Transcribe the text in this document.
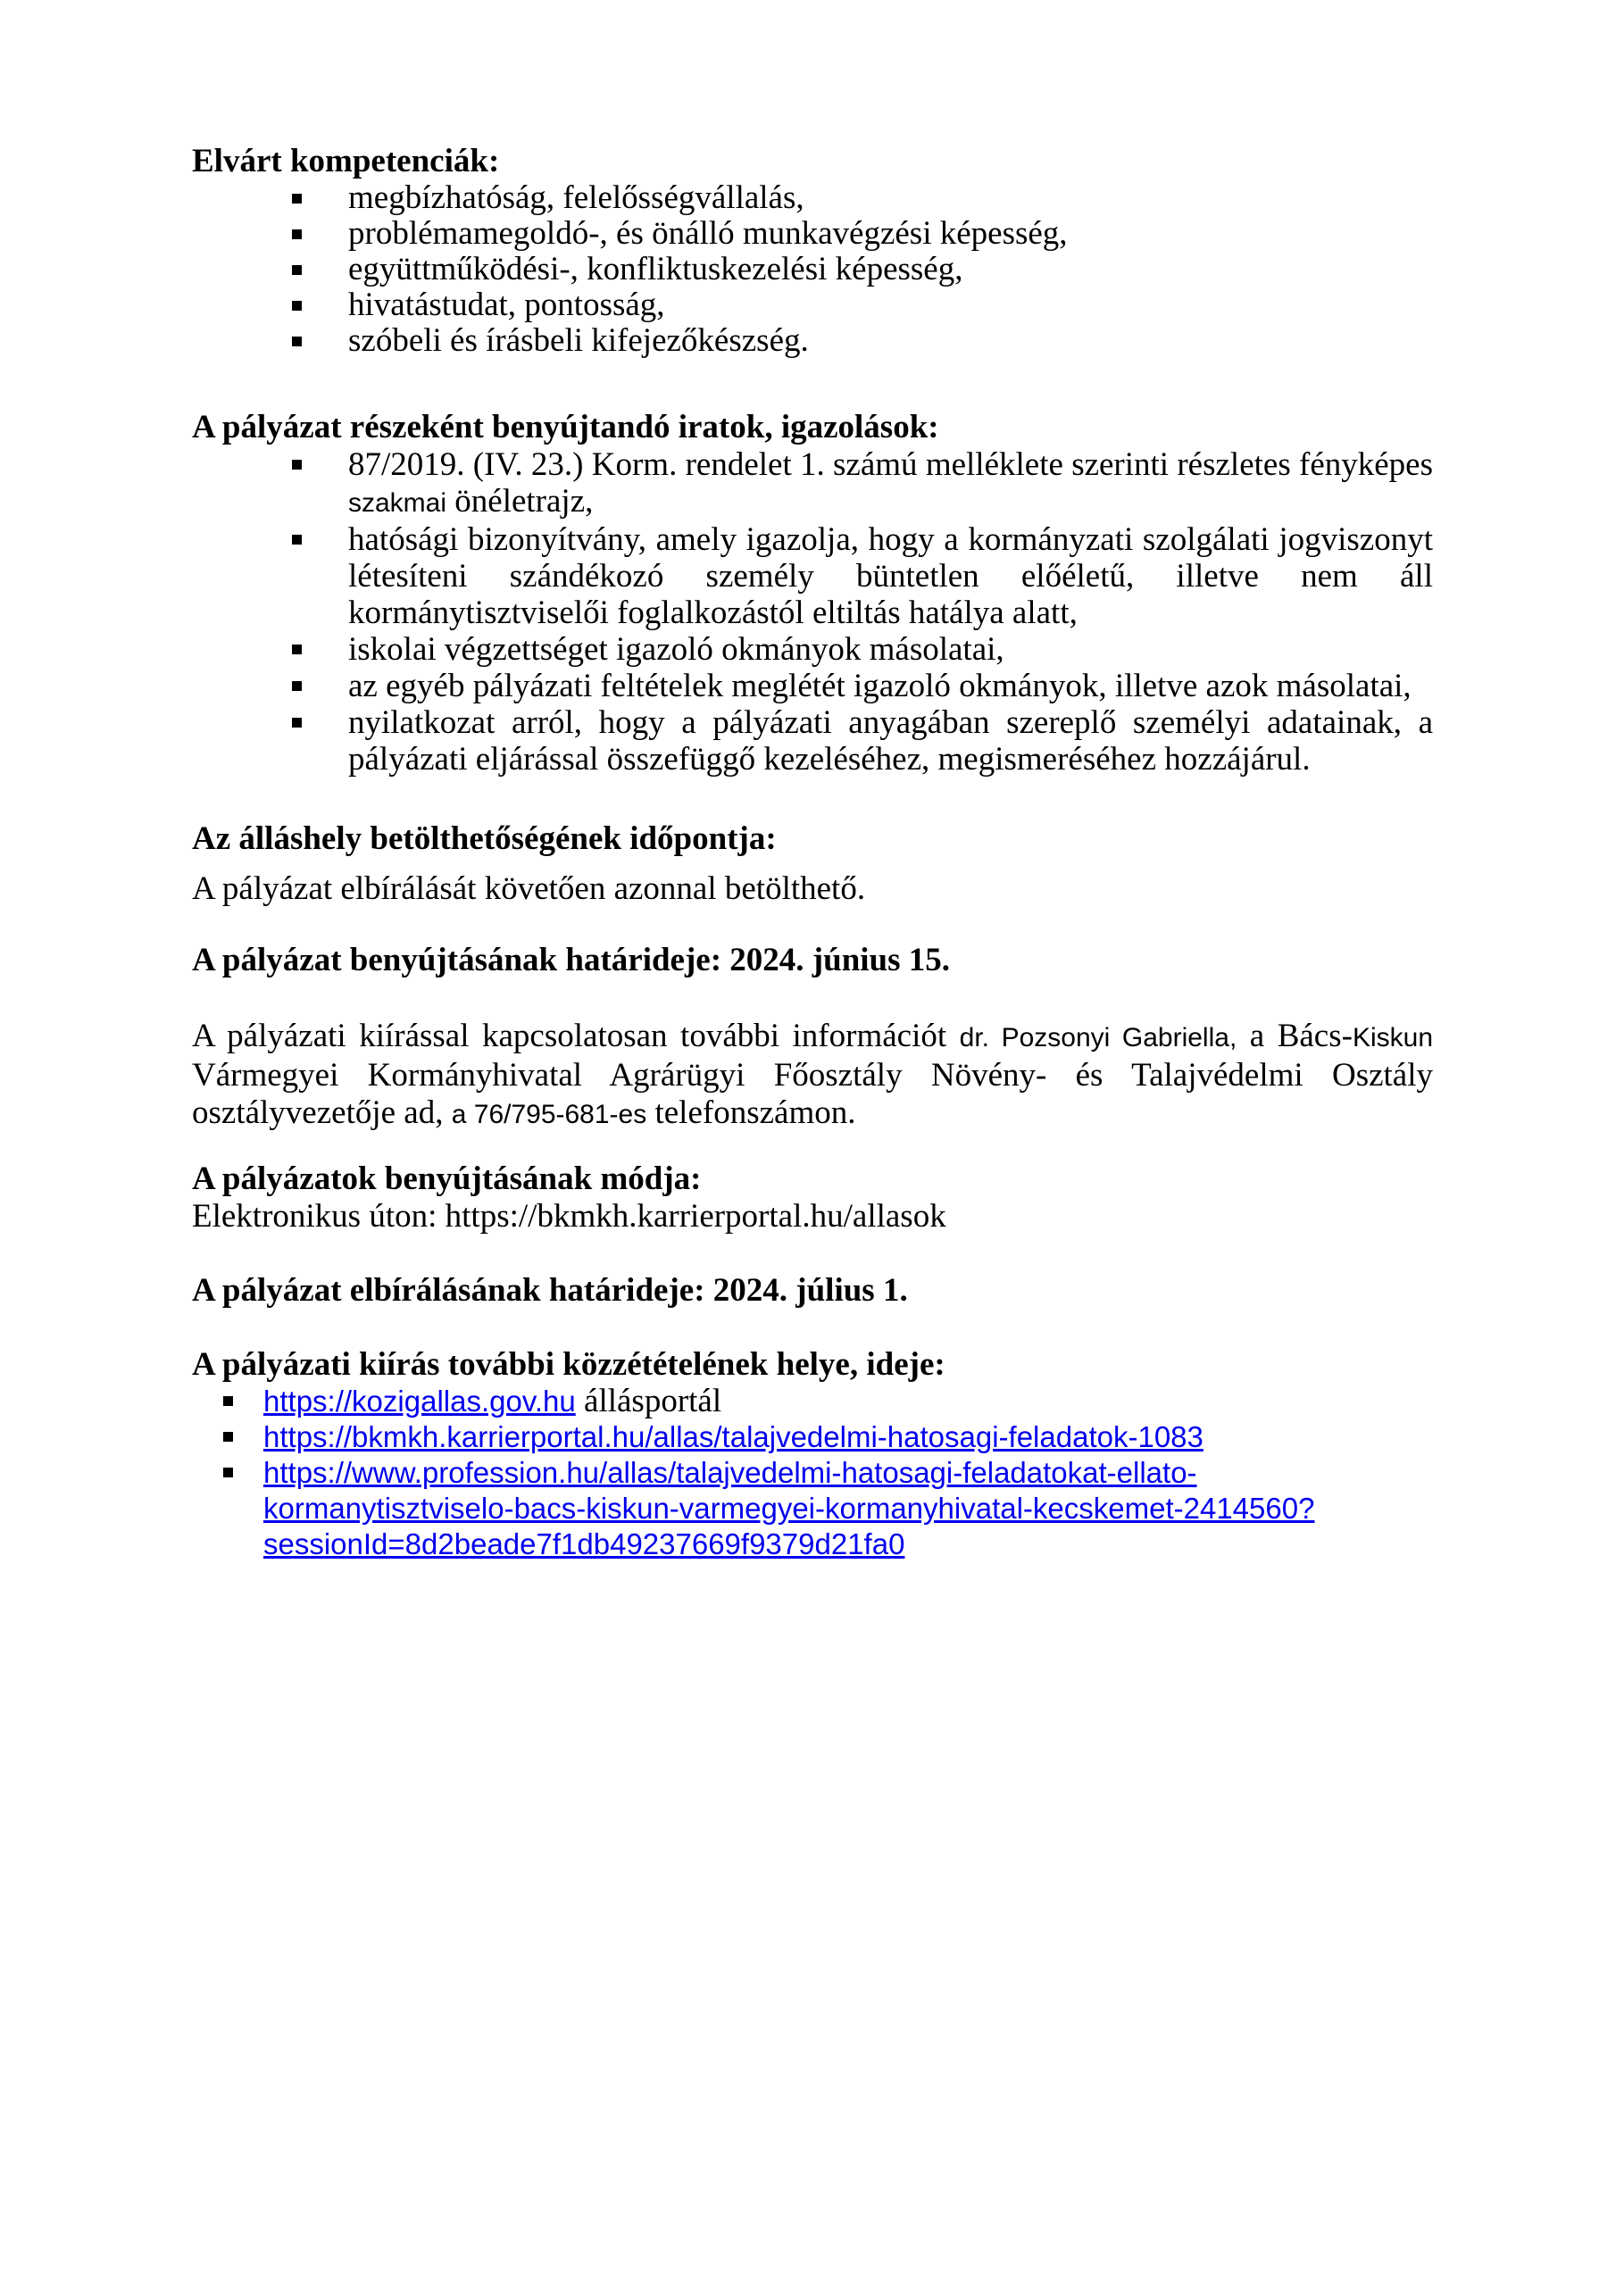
Elvárt kompetenciák:
megbízhatóság, felelősségvállalás,
problémamegoldó-, és önálló munkavégzési képesség,
együttműködési-, konfliktuskezelési képesség,
hivatástudat, pontosság,
szóbeli és írásbeli kifejezőkészség.
A pályázat részeként benyújtandó iratok, igazolások:
87/2019. (IV. 23.) Korm. rendelet 1. számú melléklete szerinti részletes fényképes szakmai önéletrajz,
hatósági bizonyítvány, amely igazolja, hogy a kormányzati szolgálati jogviszonyt létesíteni szándékozó személy büntetlen előéletű, illetve nem áll kormánytisztviselői foglalkozástól eltiltás hatálya alatt,
iskolai végzettséget igazoló okmányok másolatai,
az egyéb pályázati feltételek meglétét igazoló okmányok, illetve azok másolatai,
nyilatkozat arról, hogy a pályázati anyagában szereplő személyi adatainak, a pályázati eljárással összefüggő kezeléséhez, megismeréséhez hozzájárul.
Az álláshely betölthetőségének időpontja:

A pályázat elbírálását követően azonnal betölthető.

A pályázat benyújtásának határideje: 2024. június 15.

A pályázati kiírással kapcsolatosan további információt dr. Pozsonyi Gabriella, a Bács-Kiskun Vármegyei Kormányhivatal Agrárügyi Főosztály Növény- és Talajvédelmi Osztály osztályvezetője ad, a 76/795-681-es telefonszámon.

A pályázatok benyújtásának módja:

Elektronikus úton: https://bkmkh.karrierportal.hu/allasok

A pályázat elbírálásának határideje: 2024. július 1.
A pályázati kiírás további közzétételének helye, ideje:
https://kozigallas.gov.hu állásportál
https://bkmkh.karrierportal.hu/allas/talajvedelmi-hatosagi-feladatok-1083
https://www.profession.hu/allas/talajvedelmi-hatosagi-feladatokat-ellato-kormanytisztviselo-bacs-kiskun-varmegyei-kormanyhivatal-kecskemet-2414560?sessionId=8d2beade7f1db49237669f9379d21fa0
